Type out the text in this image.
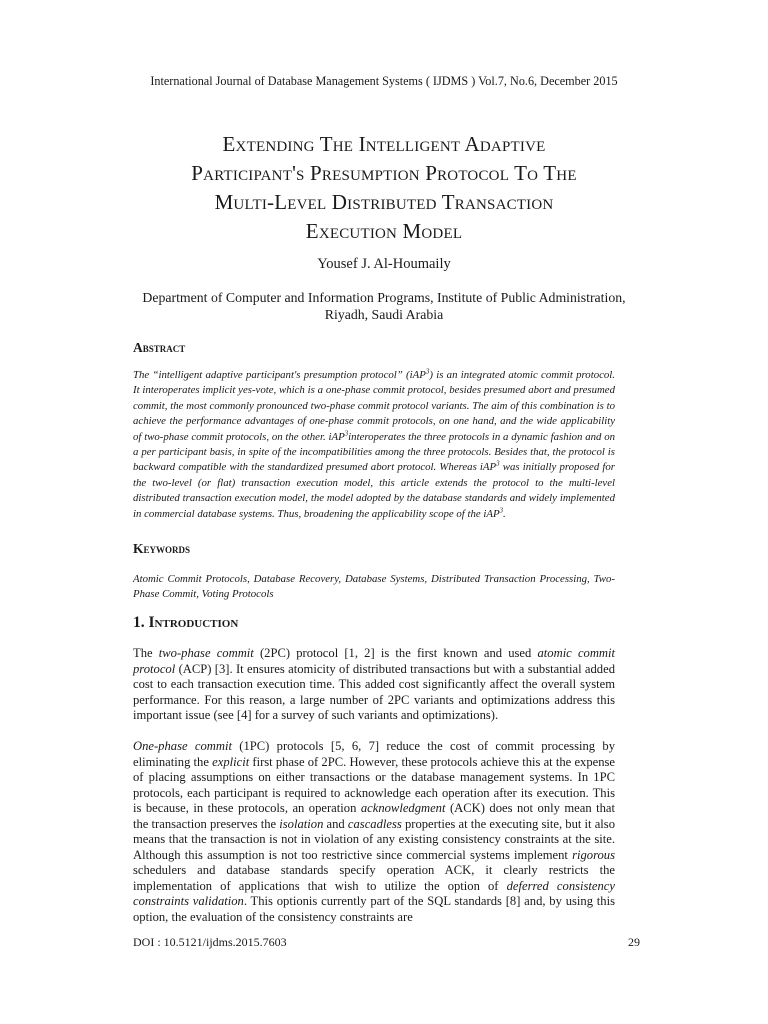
International Journal of Database Management Systems ( IJDMS ) Vol.7, No.6, December 2015
Extending The Intelligent Adaptive
Participant's Presumption Protocol To The
Multi-Level Distributed Transaction
Execution Model
Yousef J. Al-Houmaily
Department of Computer and Information Programs, Institute of Public Administration,
Riyadh, Saudi Arabia
Abstract
The “intelligent adaptive participant's presumption protocol” (iAP$^3$) is an integrated atomic commit protocol. It interoperates implicit yes-vote, which is a one-phase commit protocol, besides presumed abort and presumed commit, the most commonly pronounced two-phase commit protocol variants. The aim of this combination is to achieve the performance advantages of one-phase commit protocols, on one hand, and the wide applicability of two-phase commit protocols, on the other. iAP$^3$interoperates the three protocols in a dynamic fashion and on a per participant basis, in spite of the incompatibilities among the three protocols. Besides that, the protocol is backward compatible with the standardized presumed abort protocol. Whereas iAP$^3$ was initially proposed for the two-level (or flat) transaction execution model, this article extends the protocol to the multi-level distributed transaction execution model, the model adopted by the database standards and widely implemented in commercial database systems. Thus, broadening the applicability scope of the iAP$^3$.
Keywords
Atomic Commit Protocols, Database Recovery, Database Systems, Distributed Transaction Processing, Two-Phase Commit, Voting Protocols
1. Introduction
The two-phase commit (2PC) protocol [1, 2] is the first known and used atomic commit protocol (ACP) [3]. It ensures atomicity of distributed transactions but with a substantial added cost to each transaction execution time. This added cost significantly affect the overall system performance. For this reason, a large number of 2PC variants and optimizations address this important issue (see [4] for a survey of such variants and optimizations).
One-phase commit (1PC) protocols [5, 6, 7] reduce the cost of commit processing by eliminating the explicit first phase of 2PC. However, these protocols achieve this at the expense of placing assumptions on either transactions or the database management systems. In 1PC protocols, each participant is required to acknowledge each operation after its execution. This is because, in these protocols, an operation acknowledgment (ACK) does not only mean that the transaction preserves the isolation and cascadless properties at the executing site, but it also means that the transaction is not in violation of any existing consistency constraints at the site. Although this assumption is not too restrictive since commercial systems implement rigorous schedulers and database standards specify operation ACK, it clearly restricts the implementation of applications that wish to utilize the option of deferred consistency constraints validation. This optionis currently part of the SQL standards [8] and, by using this option, the evaluation of the consistency constraints are
DOI : 10.5121/ijdms.2015.7603	29
